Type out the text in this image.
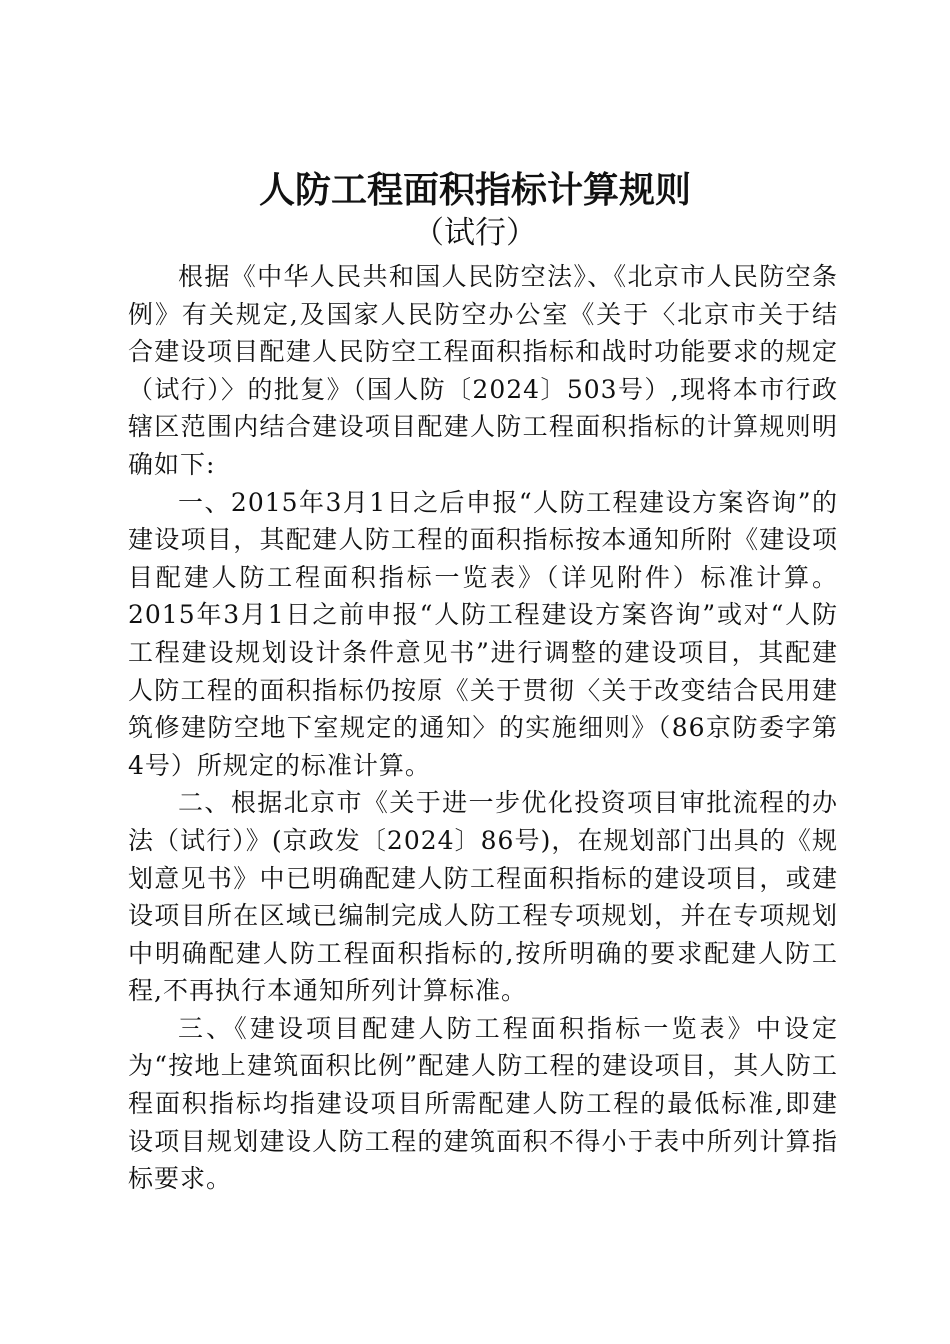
人防工程面积指标计算规则
（试行）

根据《中华人民共和国人民防空法》、《北京市人民防空条例》有关规定,及国家人民防空办公室《关于〈北京市关于结合建设项目配建人民防空工程面积指标和战时功能要求的规定（试行）〉的批复》（国人防〔2024〕503号）,现将本市行政辖区范围内结合建设项目配建人防工程面积指标的计算规则明确如下:

一、2015年3月1日之后申报“人防工程建设方案咨询”的建设项目，其配建人防工程的面积指标按本通知所附《建设项目配建人防工程面积指标一览表》（详见附件）标准计算。2015年3月1日之前申报“人防工程建设方案咨询”或对“人防工程建设规划设计条件意见书”进行调整的建设项目，其配建人防工程的面积指标仍按原《关于贯彻〈关于改变结合民用建筑修建防空地下室规定的通知〉的实施细则》（86京防委字第4号）所规定的标准计算。

二、根据北京市《关于进一步优化投资项目审批流程的办法（试行）》(京政发〔2024〕86号)，在规划部门出具的《规划意见书》中已明确配建人防工程面积指标的建设项目，或建设项目所在区域已编制完成人防工程专项规划，并在专项规划中明确配建人防工程面积指标的,按所明确的要求配建人防工程,不再执行本通知所列计算标准。

三、《建设项目配建人防工程面积指标一览表》中设定为“按地上建筑面积比例”配建人防工程的建设项目，其人防工程面积指标均指建设项目所需配建人防工程的最低标准,即建设项目规划建设人防工程的建筑面积不得小于表中所列计算指标要求。
